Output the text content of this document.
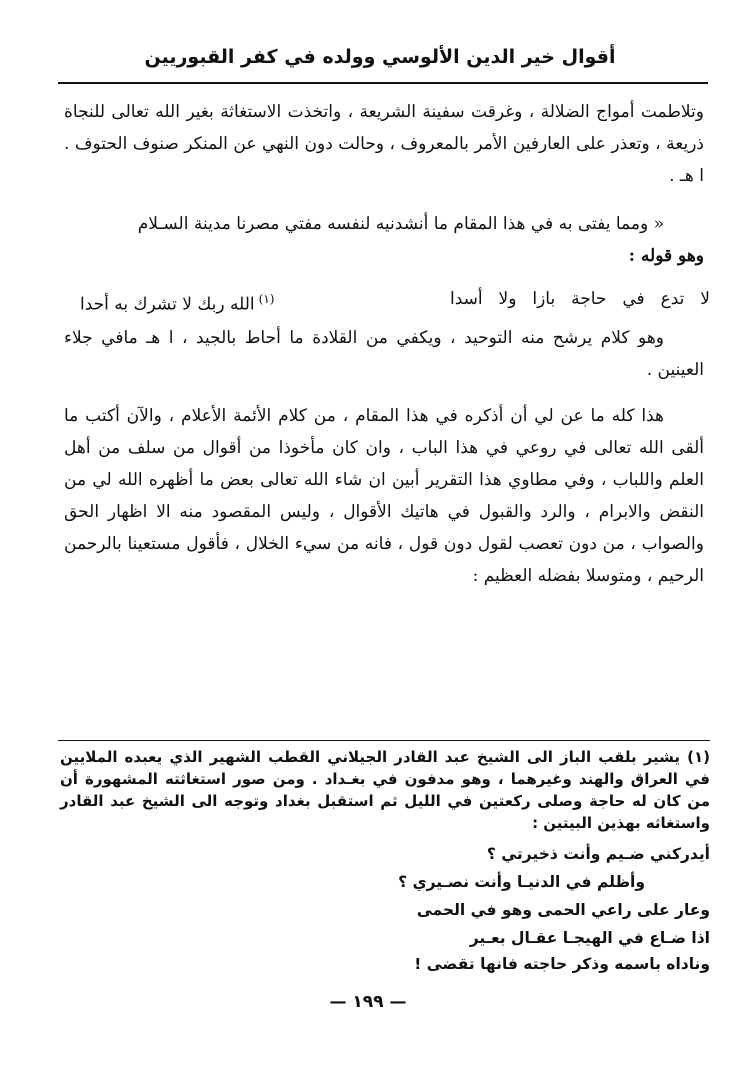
أقوال خير الدين الألوسي وولده في كفر القبوريين
وتلاطمت أمواج الضلالة ، وغرقت سفينة الشريعة ، واتخذت الاستغاثة بغير الله تعالى للنجاة ذريعة ، وتعذر على العارفين الأمر بالمعروف ، وحالت دون النهي عن المنكر صنوف الحتوف . ا هـ .
« ومما يفتى به في هذا المقام ما أنشدنيه لنفسه مفتي مصرنا مدينة السـلام
وهو قوله :
لا تدع في حاجة بازا ولا أسدا
$^{(١)}$الله ربك لا تشرك به أحدا
وهو كلام يرشح منه التوحيد ، ويكفي من القلادة ما أحاط بالجيد ، ا هـ مافي جلاء العينين .
هذا كله ما عن لي أن أذكره في هذا المقام ، من كلام الأئمة الأعلام ، والآن أكتب ما ألقى الله تعالى في روعي في هذا الباب ، وان كان مأخوذا من أقوال من سلف من أهل العلم واللباب ، وفي مطاوي هذا التقرير أبين ان شاء الله تعالى بعض ما أظهره الله لي من النقض والابرام ، والرد والقبول في هاتيك الأقوال ، وليس المقصود منه الا اظهار الحق والصواب ، من دون تعصب لقول دون قول ، فانه من سيء الخلال ، فأقول مستعينا بالرحمن الرحيم ، ومتوسلا بفضله العظيم :
(١) يشير بلقب الباز الى الشيخ عبد القادر الجيلاني القطب الشهير الذي يعبده الملايين في العراق والهند وغيرهما ، وهو مدفون في بغـداد . ومن صور استغاثته المشهورة أن من كان له حاجة وصلى ركعتين في الليل ثم استقبل بغداد وتوجه الى الشيخ عبد القادر واستغاثه بهذين البيتين :
أيدركني ضـيم وأنت ذخيرتي ؟
وأظلم في الدنيـا وأنت نصـيري ؟
وعار على راعي الحمى وهو في الحمى
اذا ضـاع في الهيجـا عقـال بعـير
وناداه باسمه وذكر حاجته فانها تقضى !
— ١٩٩ —
